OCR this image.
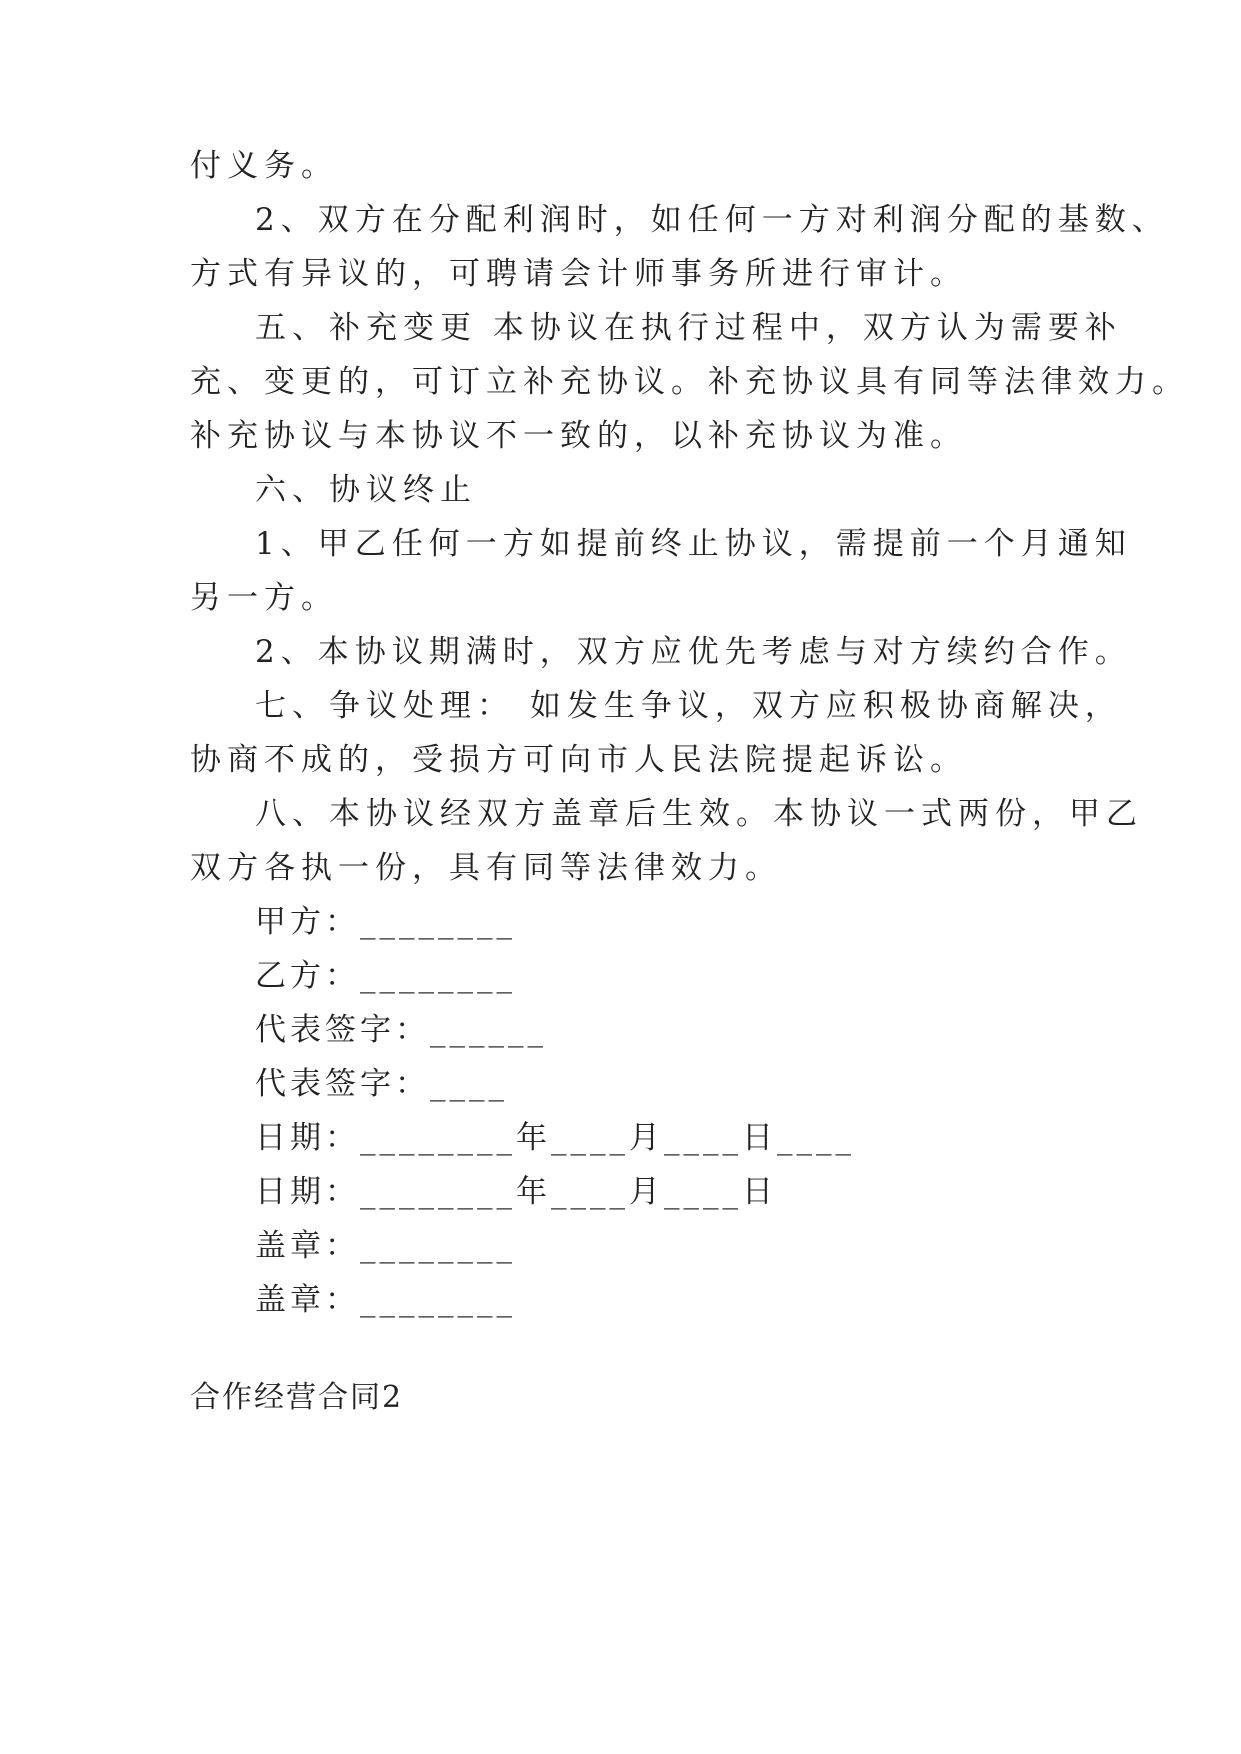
付义务。
2、双方在分配利润时，如任何一方对利润分配的基数、
方式有异议的，可聘请会计师事务所进行审计。
五、补充变更 本协议在执行过程中，双方认为需要补
充、变更的，可订立补充协议。补充协议具有同等法律效力。
补充协议与本协议不一致的，以补充协议为准。
六、协议终止
1、甲乙任何一方如提前终止协议，需提前一个月通知
另一方。
2、本协议期满时，双方应优先考虑与对方续约合作。
七、争议处理： 如发生争议，双方应积极协商解决，
协商不成的，受损方可向市人民法院提起诉讼。
八、本协议经双方盖章后生效。本协议一式两份，甲乙
双方各执一份，具有同等法律效力。
甲方：________
乙方：________
代表签字：______
代表签字：____
日期：________年____月____日____
日期：________年____月____日
盖章：________
盖章：________
合作经营合同2
